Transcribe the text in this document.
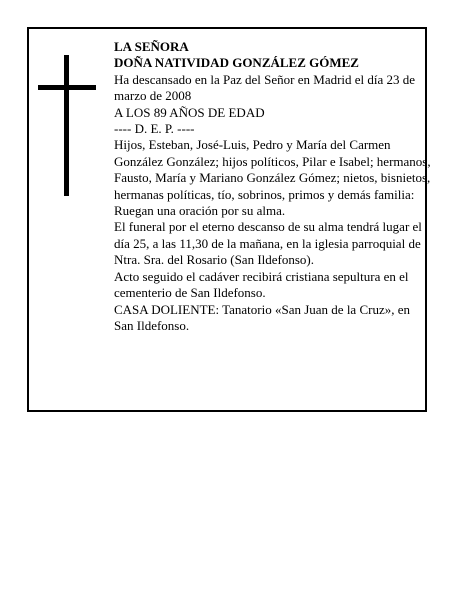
LA SEÑORA

DOÑA NATIVIDAD GONZÁLEZ GÓMEZ

Ha descansado en la Paz del Señor en Madrid el día 23 de marzo de 2008

A LOS 89 AÑOS DE EDAD

---- D. E. P. ----

Hijos, Esteban, José-Luis, Pedro y María del Carmen González González; hijos políticos, Pilar e Isabel; hermanos, Fausto, María y Mariano González Gómez; nietos, bisnietos, hermanas políticas, tío, sobrinos, primos y demás familia:

Ruegan una oración por su alma.

El funeral por el eterno descanso de su alma tendrá lugar el día 25, a las 11,30 de la mañana, en la iglesia parroquial de Ntra. Sra. del Rosario (San Ildefonso).

Acto seguido el cadáver recibirá cristiana sepultura en el cementerio de San Ildefonso.

CASA DOLIENTE: Tanatorio «San Juan de la Cruz», en San Ildefonso.
